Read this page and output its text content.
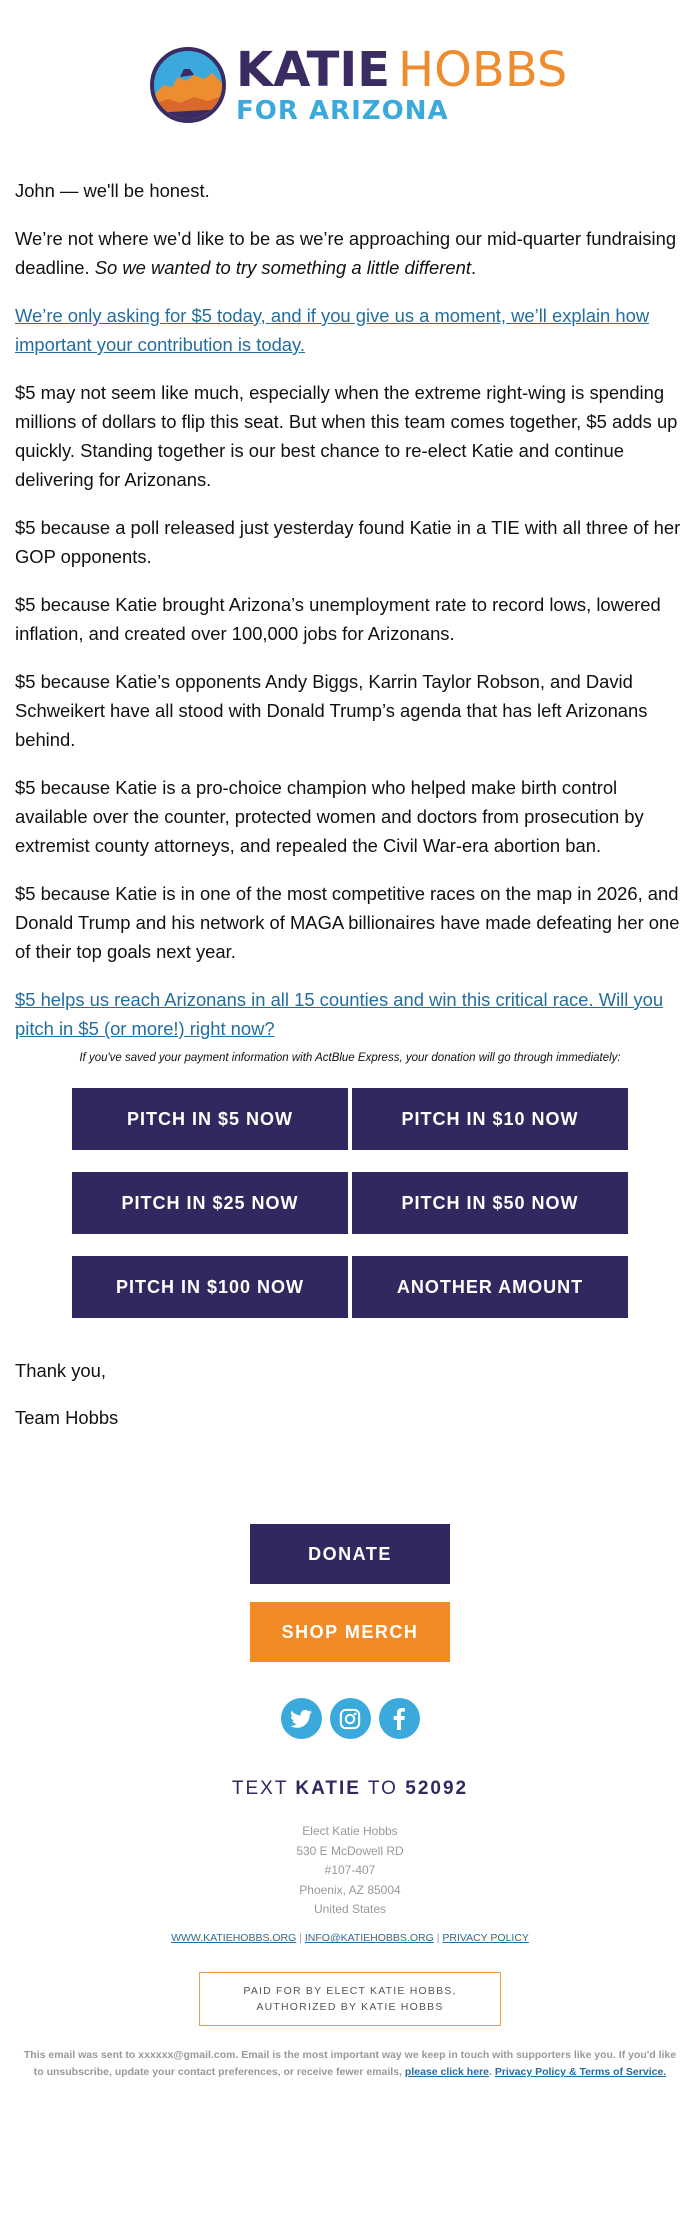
KATIE HOBBS
FOR ARIZONA

John — we'll be honest.

We’re not where we’d like to be as we’re approaching our mid-quarter fundraising deadline. So we wanted to try something a little different.

We’re only asking for $5 today, and if you give us a moment, we’ll explain how important your contribution is today.

$5 may not seem like much, especially when the extreme right-wing is spending millions of dollars to flip this seat. But when this team comes together, $5 adds up quickly. Standing together is our best chance to re-elect Katie and continue delivering for Arizonans.

$5 because a poll released just yesterday found Katie in a TIE with all three of her GOP opponents.

$5 because Katie brought Arizona’s unemployment rate to record lows, lowered inflation, and created over 100,000 jobs for Arizonans.

$5 because Katie’s opponents Andy Biggs, Karrin Taylor Robson, and David Schweikert have all stood with Donald Trump’s agenda that has left Arizonans behind.

$5 because Katie is a pro-choice champion who helped make birth control available over the counter, protected women and doctors from prosecution by extremist county attorneys, and repealed the Civil War-era abortion ban.

$5 because Katie is in one of the most competitive races on the map in 2026, and Donald Trump and his network of MAGA billionaires have made defeating her one of their top goals next year.

$5 helps us reach Arizonans in all 15 counties and win this critical race. Will you pitch in $5 (or more!) right now?

If you've saved your payment information with ActBlue Express, your donation will go through immediately:
PITCH IN $5 NOW	PITCH IN $10 NOW
PITCH IN $25 NOW	PITCH IN $50 NOW
PITCH IN $100 NOW	ANOTHER AMOUNT

Thank you,

Team Hobbs

DONATE
SHOP MERCH
TEXT KATIE TO 52092
Elect Katie Hobbs
530 E McDowell RD
#107-407
Phoenix, AZ 85004
United States
WWW.KATIEHOBBS.ORG | INFO@KATIEHOBBS.ORG | PRIVACY POLICY
PAID FOR BY ELECT KATIE HOBBS,
AUTHORIZED BY KATIE HOBBS
This email was sent to xxxxxx@gmail.com. Email is the most important way we keep in touch with supporters like you. If you'd like to unsubscribe, update your contact preferences, or receive fewer emails, please click here. Privacy Policy & Terms of Service.
